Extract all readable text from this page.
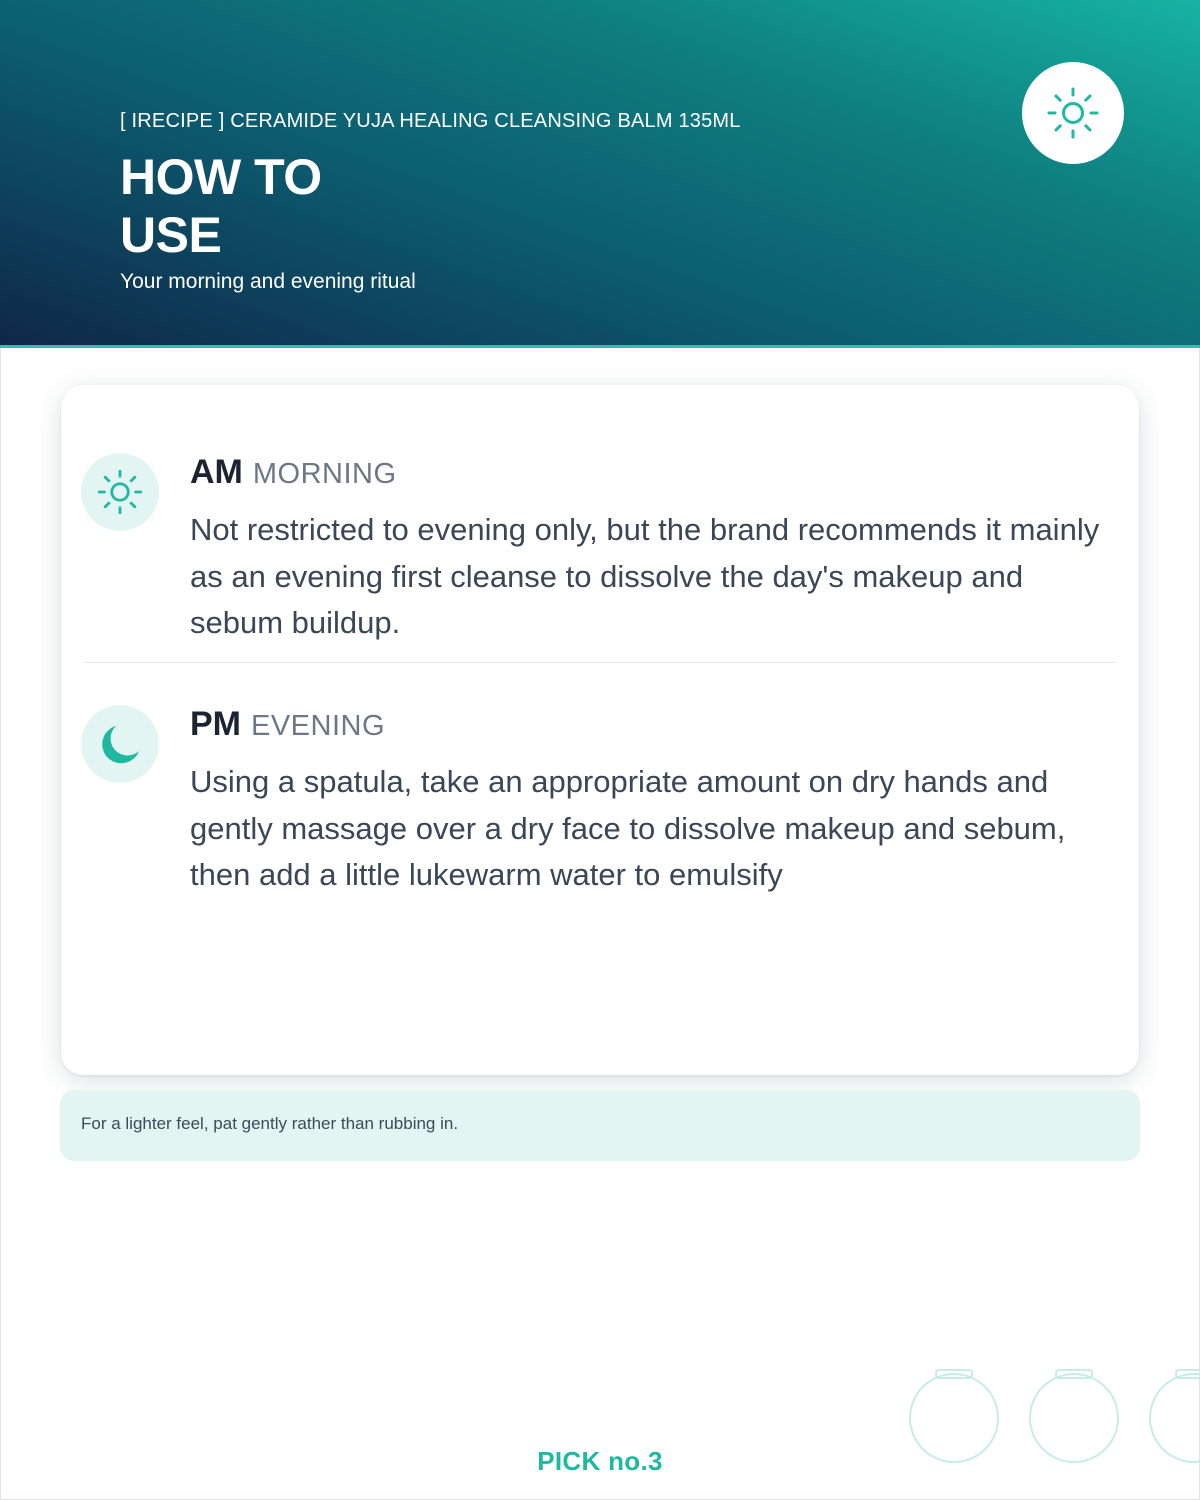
[ IRECIPE ] CERAMIDE YUJA HEALING CLEANSING BALM 135ML
HOW TO USE
Your morning and evening ritual
AM MORNING

Not restricted to evening only, but the brand recommends it mainly as an evening first cleanse to dissolve the day's makeup and sebum buildup.

PM EVENING

Using a spatula, take an appropriate amount on dry hands and gently massage over a dry face to dissolve makeup and sebum, then add a little lukewarm water to emulsify

For a lighter feel, pat gently rather than rubbing in.
PICK no.3
